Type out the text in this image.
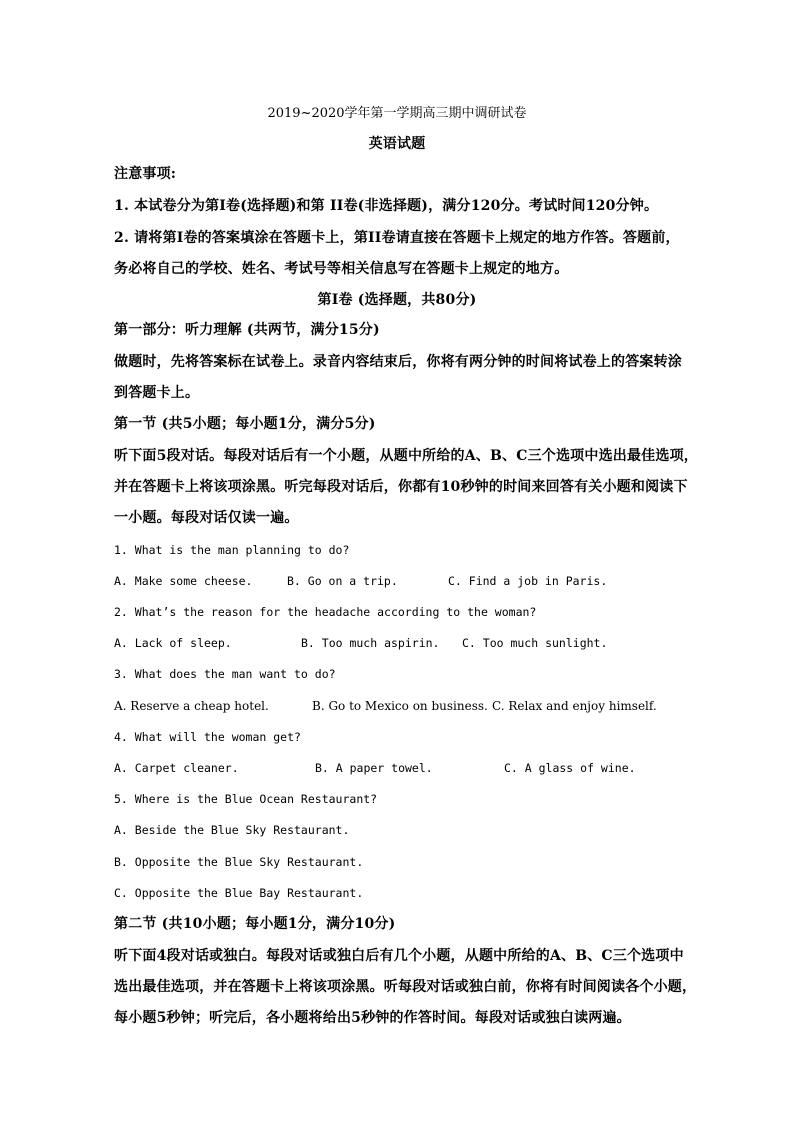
2019~2020学年第一学期高三期中调研试卷
英语试题
注意事项:
1. 本试卷分为第I卷(选择题)和第 II卷(非选择题)，满分120分。考试时间120分钟。
2. 请将第I卷的答案填涂在答题卡上，第II卷请直接在答题卡上规定的地方作答。答题前，
务必将自己的学校、姓名、考试号等相关信息写在答题卡上规定的地方。
第I卷 (选择题，共80分)
第一部分：听力理解 (共两节，满分15分)
做题时，先将答案标在试卷上。录音内容结束后，你将有两分钟的时间将试卷上的答案转涂
到答题卡上。
第一节 (共5小题；每小题1分，满分5分)
听下面5段对话。每段对话后有一个小题，从题中所给的A、B、C三个选项中选出最佳选项，
并在答题卡上将该项涂黑。听完每段对话后，你都有10秒钟的时间来回答有关小题和阅读下
一小题。每段对话仅读一遍。
1. What is the man planning to do?

A. Make some cheese.

	B. Go on a trip.

	C. Find a job in Paris.

2. What’s the reason for the headache according to the woman?

A. Lack of sleep.

	B. Too much aspirin.

C. Too much sunlight.

3. What does the man want to do?

A. Reserve a cheap hotel.

	B. Go to Mexico on business.

C. Relax and enjoy himself.

4. What will the woman get?

A. Carpet cleaner.

	B. A paper towel.

	C. A glass of wine.

5. Where is the Blue Ocean Restaurant?
A. Beside the Blue Sky Restaurant.
B. Opposite the Blue Sky Restaurant.
C. Opposite the Blue Bay Restaurant.
第二节 (共10小题；每小题1分，满分10分)
听下面4段对话或独白。每段对话或独白后有几个小题，从题中所给的A、B、C三个选项中
选出最佳选项，并在答题卡上将该项涂黑。听每段对话或独白前，你将有时间阅读各个小题，
每小题5秒钟；听完后，各小题将给出5秒钟的作答时间。每段对话或独白读两遍。
